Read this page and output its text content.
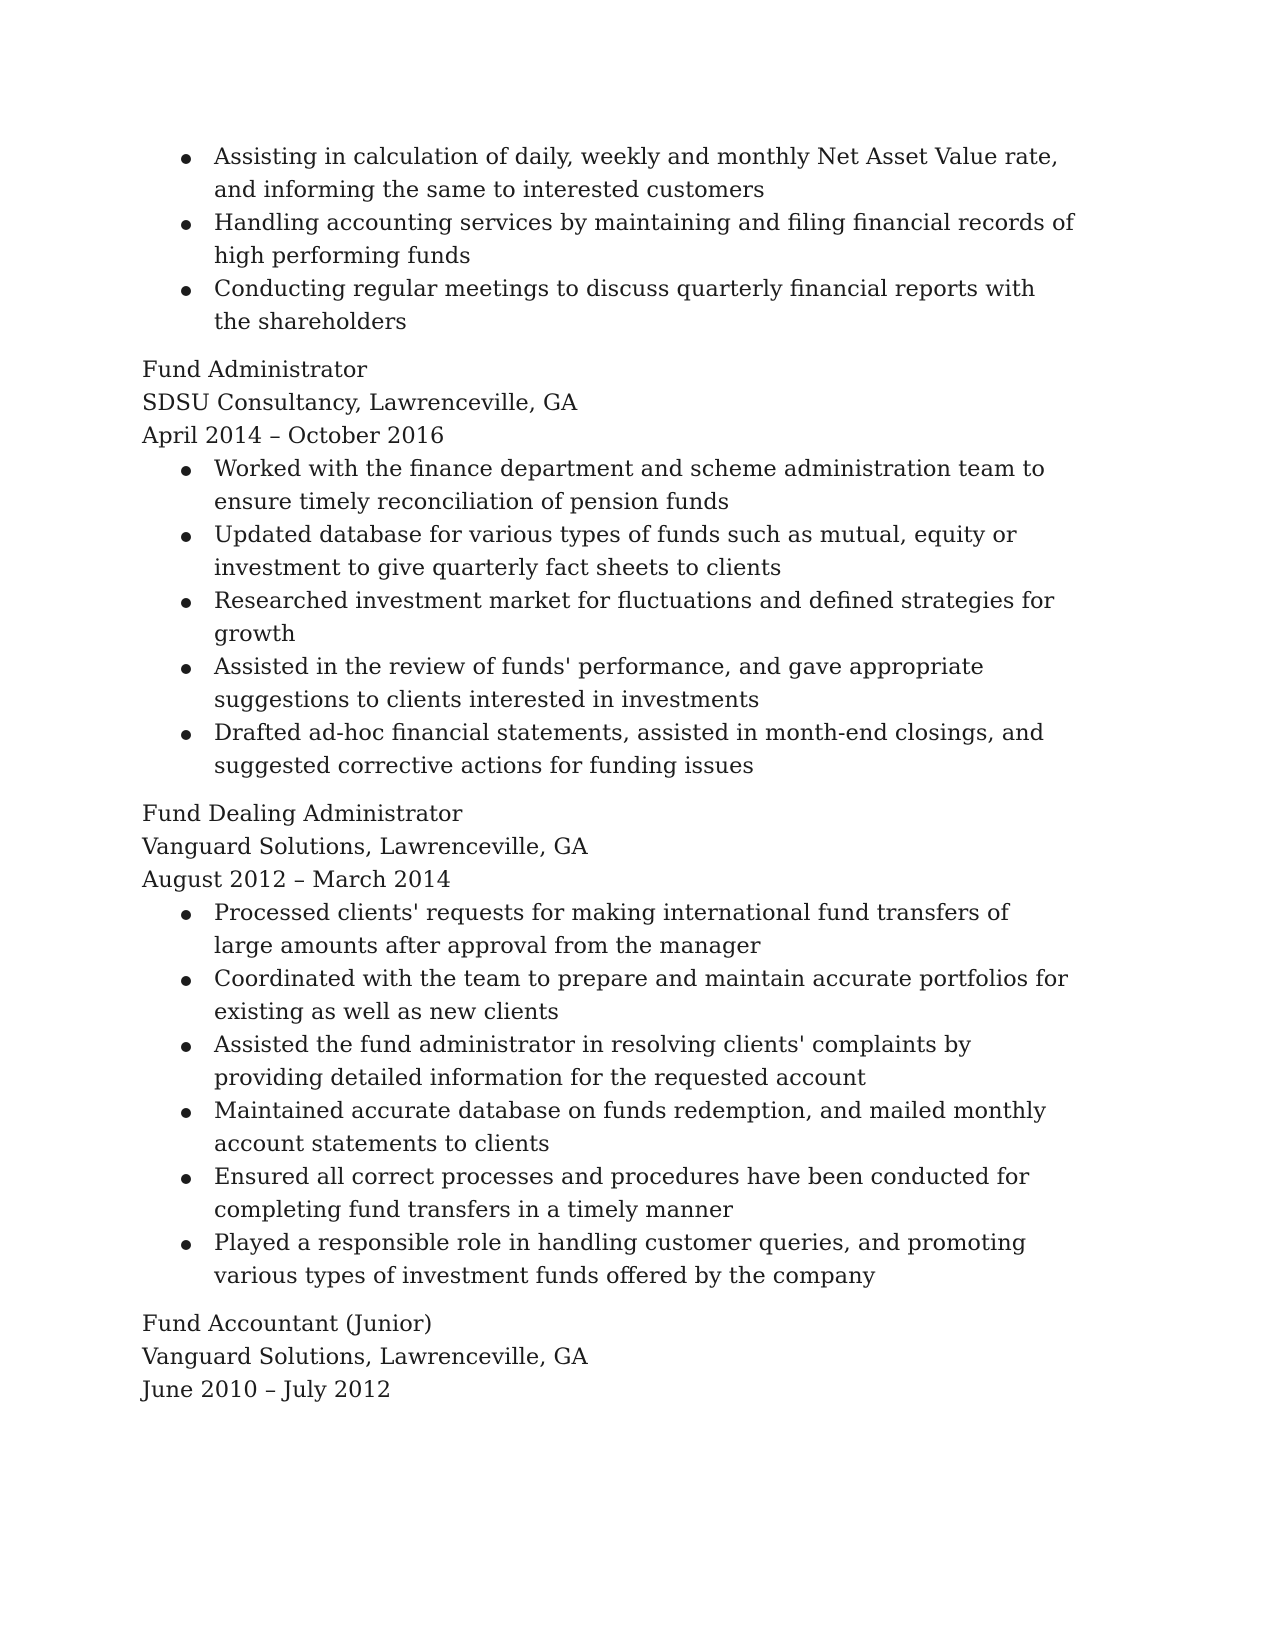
Assisting in calculation of daily, weekly and monthly Net Asset Value rate, and informing the same to interested customers
Handling accounting services by maintaining and filing financial records of high performing funds
Conducting regular meetings to discuss quarterly financial reports with the shareholders
Fund Administrator
SDSU Consultancy, Lawrenceville, GA
April 2014 – October 2016
Worked with the finance department and scheme administration team to ensure timely reconciliation of pension funds
Updated database for various types of funds such as mutual, equity or investment to give quarterly fact sheets to clients
Researched investment market for fluctuations and defined strategies for growth
Assisted in the review of funds' performance, and gave appropriate suggestions to clients interested in investments
Drafted ad-hoc financial statements, assisted in month-end closings, and suggested corrective actions for funding issues
Fund Dealing Administrator
Vanguard Solutions, Lawrenceville, GA
August 2012 – March 2014
Processed clients' requests for making international fund transfers of large amounts after approval from the manager
Coordinated with the team to prepare and maintain accurate portfolios for existing as well as new clients
Assisted the fund administrator in resolving clients' complaints by providing detailed information for the requested account
Maintained accurate database on funds redemption, and mailed monthly account statements to clients
Ensured all correct processes and procedures have been conducted for completing fund transfers in a timely manner
Played a responsible role in handling customer queries, and promoting various types of investment funds offered by the company
Fund Accountant (Junior)
Vanguard Solutions, Lawrenceville, GA
June 2010 – July 2012
